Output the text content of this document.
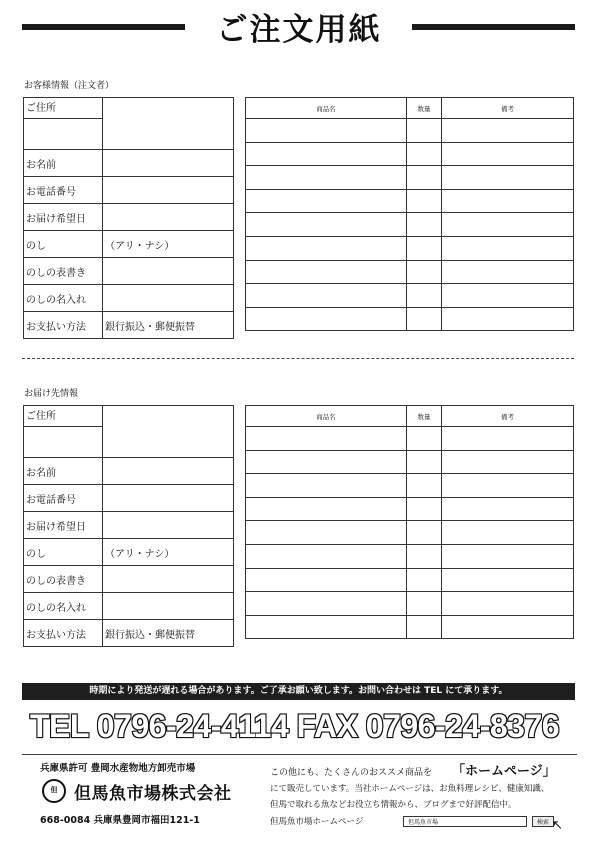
ご注文用紙
お客様情報（注文者）
ご住所

お名前	
お電話番号	
お届け希望日	
のし	（アリ・ナシ）
のしの表書き	
のしの名入れ	
お支払い方法	銀行振込・郵便振替
商品名	数量	備考

お届け先情報
ご住所

お名前	
お電話番号	
お届け希望日	
のし	（アリ・ナシ）
のしの表書き	
のしの名入れ	
お支払い方法	銀行振込・郵便振替
商品名	数量	備考

時期により発送が遅れる場合があります。ご了承お願い致します。お問い合わせは TEL にて承ります。
TEL 0796-24-4114 FAX 0796-24-8376
兵庫県許可 豊岡水産物地方卸売市場
但 但馬魚市場株式会社
668-0084 兵庫県豊岡市福田121-1
この他にも、たくさんのおススメ商品を 「ホームページ」
にて販売しています。当社ホームページは、お魚料理レシピ、健康知識、
但馬で取れる魚などお役立ち情報から、ブログまで好評配信中。
但馬魚市場ホームページ	但馬魚市場	検索 ↖
